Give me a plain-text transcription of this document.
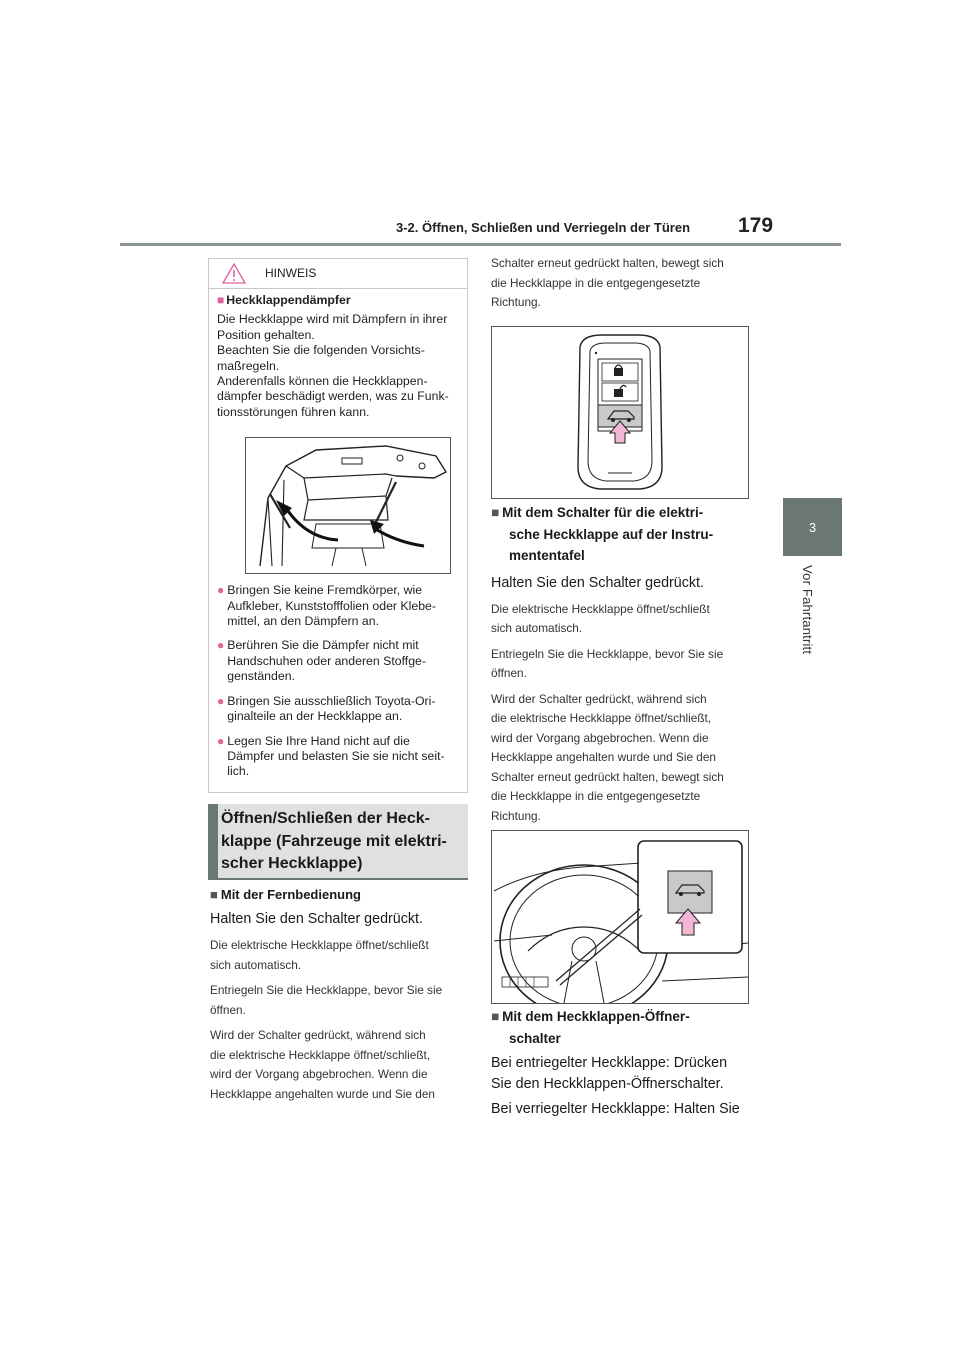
3-2. Öffnen, Schließen und Verriegeln der Türen 179
3
Vor Fahrtantritt
HINWEIS
■ Heckklappendämpfer
Die Heckklappe wird mit Dämpfern in ihrer
Position gehalten.
Beachten Sie die folgenden Vorsichts-
maßregeln.
Anderenfalls können die Heckklappen-
dämpfer beschädigt werden, was zu Funk-
tionsstörungen führen kann.
● Bringen Sie keine Fremdkörper, wie
Aufkleber, Kunststofffolien oder Klebe-
mittel, an den Dämpfern an.
● Berühren Sie die Dämpfer nicht mit
Handschuhen oder anderen Stoffge-
genständen.
● Bringen Sie ausschließlich Toyota-Ori-
ginalteile an der Heckklappe an.
● Legen Sie Ihre Hand nicht auf die
Dämpfer und belasten Sie sie nicht seit-
lich.
Öffnen/Schließen der Heck-
klappe (Fahrzeuge mit elektri-
scher Heckklappe)
■ Mit der Fernbedienung
Halten Sie den Schalter gedrückt.
Die elektrische Heckklappe öffnet/schließt
sich automatisch.
Entriegeln Sie die Heckklappe, bevor Sie sie
öffnen.
Wird der Schalter gedrückt, während sich
die elektrische Heckklappe öffnet/schließt,
wird der Vorgang abgebrochen. Wenn die
Heckklappe angehalten wurde und Sie den
Schalter erneut gedrückt halten, bewegt sich
die Heckklappe in die entgegengesetzte
Richtung.
■ Mit dem Schalter für die elektri-
sche Heckklappe auf der Instru-
mententafel
Halten Sie den Schalter gedrückt.
Die elektrische Heckklappe öffnet/schließt
sich automatisch.
Entriegeln Sie die Heckklappe, bevor Sie sie
öffnen.
Wird der Schalter gedrückt, während sich
die elektrische Heckklappe öffnet/schließt,
wird der Vorgang abgebrochen. Wenn die
Heckklappe angehalten wurde und Sie den
Schalter erneut gedrückt halten, bewegt sich
die Heckklappe in die entgegengesetzte
Richtung.
■ Mit dem Heckklappen-Öffner-
schalter
Bei entriegelter Heckklappe: Drücken
Sie den Heckklappen-Öffnerschalter.
Bei verriegelter Heckklappe: Halten Sie
